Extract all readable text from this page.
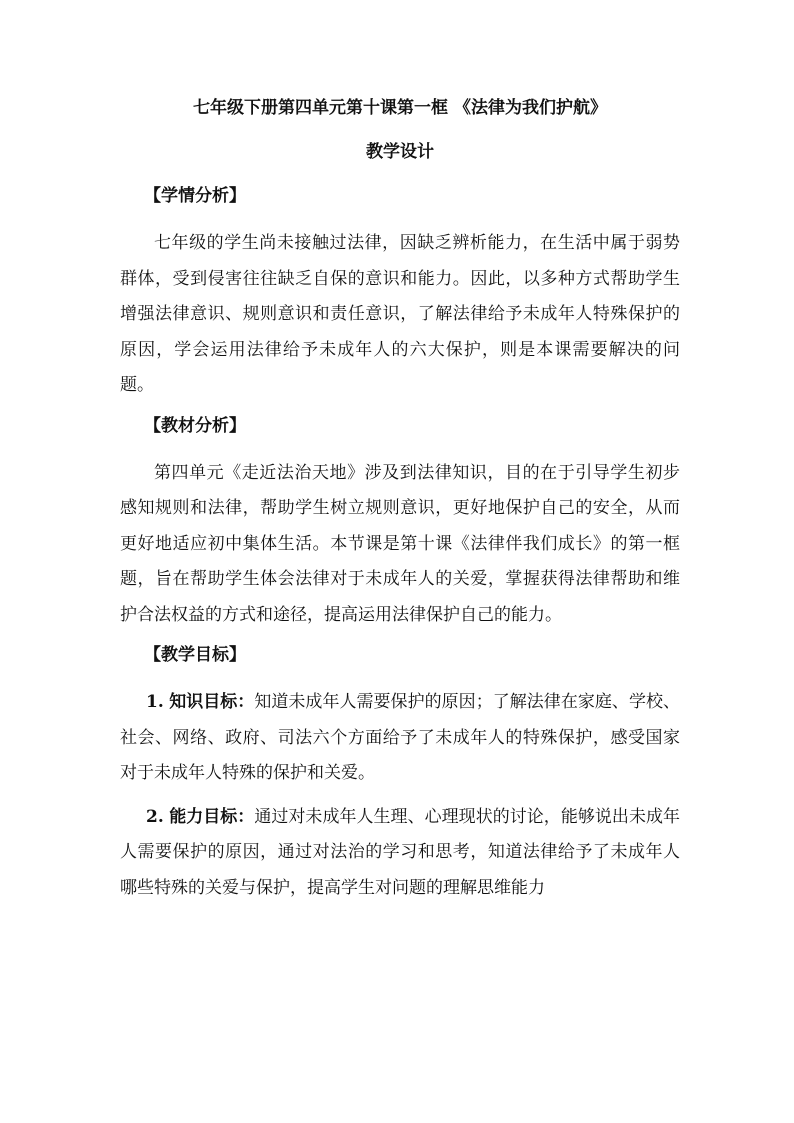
七年级下册第四单元第十课第一框 《法律为我们护航》
教学设计
【学情分析】

七年级的学生尚未接触过法律，因缺乏辨析能力，在生活中属于弱势群体，受到侵害往往缺乏自保的意识和能力。因此，以多种方式帮助学生增强法律意识、规则意识和责任意识，了解法律给予未成年人特殊保护的原因，学会运用法律给予未成年人的六大保护，则是本课需要解决的问题。

【教材分析】

第四单元《走近法治天地》涉及到法律知识，目的在于引导学生初步感知规则和法律，帮助学生树立规则意识，更好地保护自己的安全，从而更好地适应初中集体生活。本节课是第十课《法律伴我们成长》的第一框题，旨在帮助学生体会法律对于未成年人的关爱，掌握获得法律帮助和维护合法权益的方式和途径，提高运用法律保护自己的能力。

【教学目标】

1. 知识目标：知道未成年人需要保护的原因；了解法律在家庭、学校、社会、网络、政府、司法六个方面给予了未成年人的特殊保护，感受国家对于未成年人特殊的保护和关爱。

2. 能力目标：通过对未成年人生理、心理现状的讨论，能够说出未成年人需要保护的原因，通过对法治的学习和思考，知道法律给予了未成年人哪些特殊的关爱与保护，提高学生对问题的理解思维能力
